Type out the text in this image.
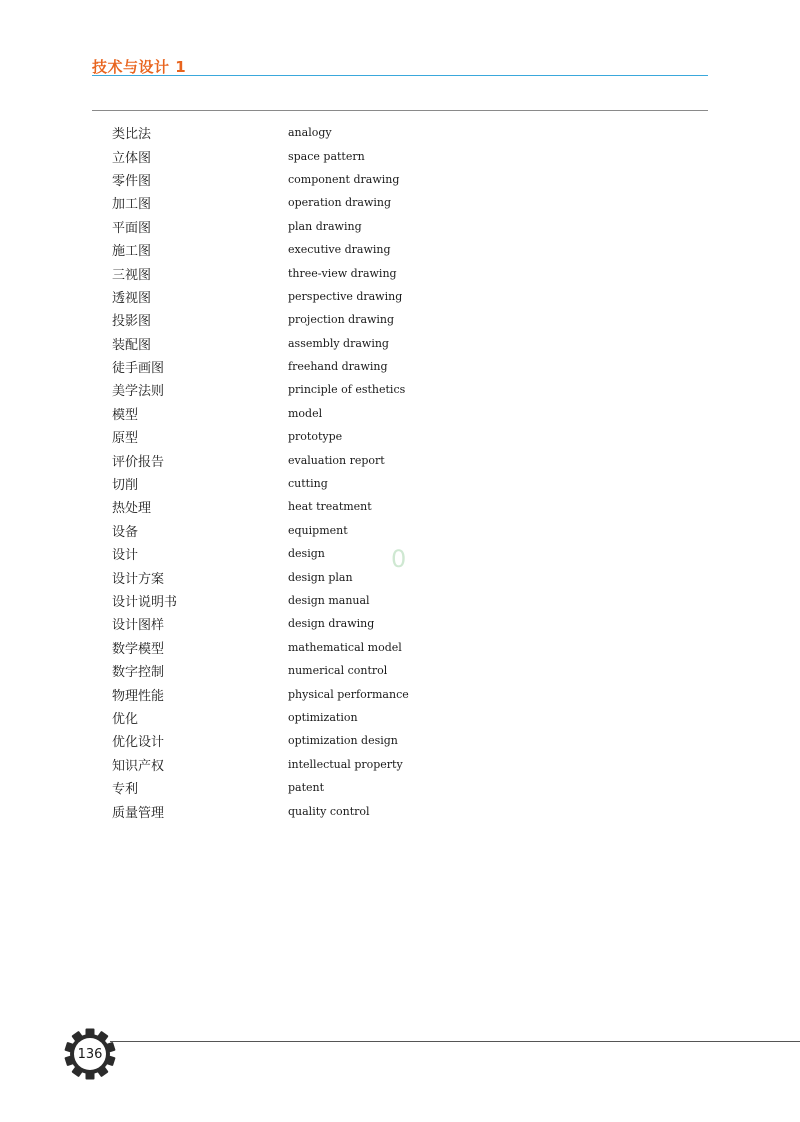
技术与设计 1
类比法	analogy
立体图	space pattern
零件图	component drawing
加工图	operation drawing
平面图	plan drawing
施工图	executive drawing
三视图	three-view drawing
透视图	perspective drawing
投影图	projection drawing
装配图	assembly drawing
徒手画图	freehand drawing
美学法则	principle of esthetics
模型	model
原型	prototype
评价报告	evaluation report
切削	cutting
热处理	heat treatment
设备	equipment
设计	design
设计方案	design plan
设计说明书	design manual
设计图样	design drawing
数学模型	mathematical model
数字控制	numerical control
物理性能	physical performance
优化	optimization
优化设计	optimization design
知识产权	intellectual property
专利	patent
质量管理	quality control
0
136
